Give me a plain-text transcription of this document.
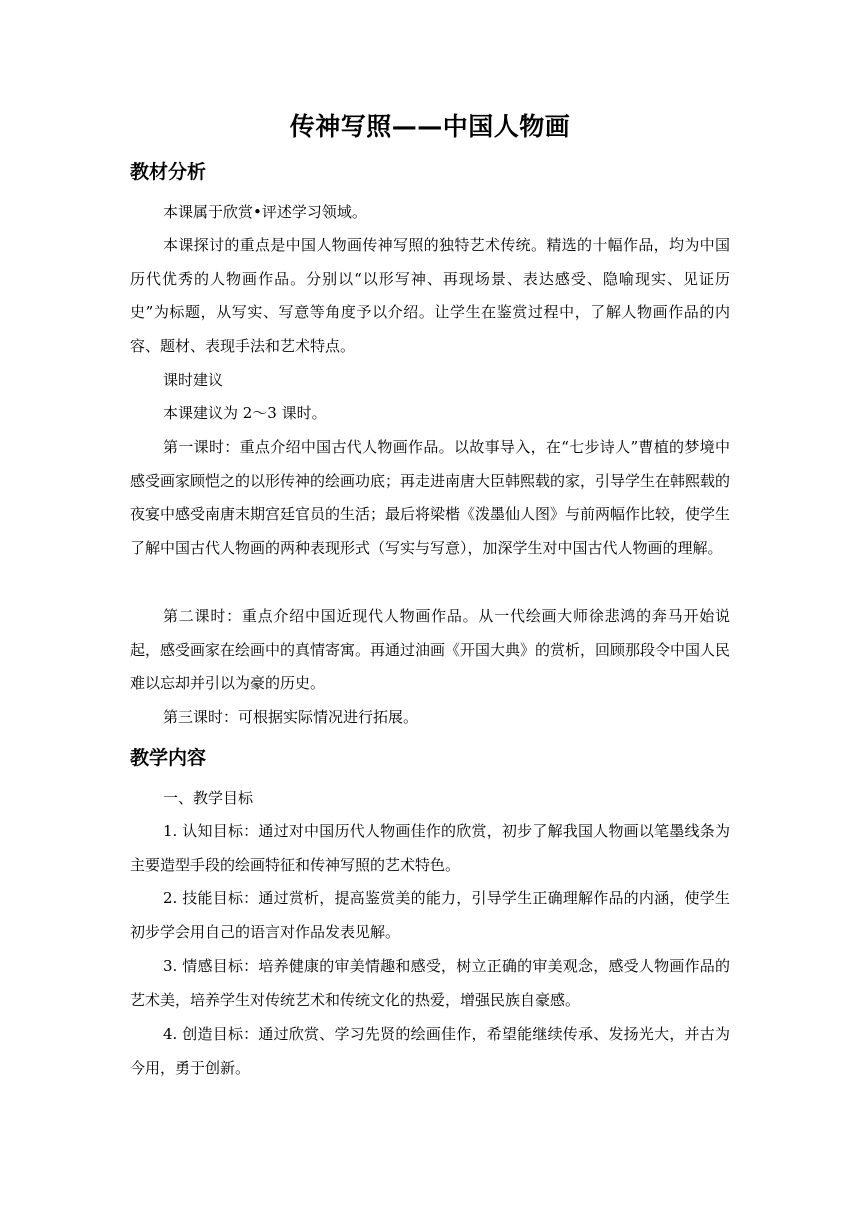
传神写照——中国人物画
教材分析

本课属于欣赏•评述学习领域。

本课探讨的重点是中国人物画传神写照的独特艺术传统。精选的十幅作品，均为中国历代优秀的人物画作品。分别以“以形写神、再现场景、表达感受、隐喻现实、见证历史”为标题，从写实、写意等角度予以介绍。让学生在鉴赏过程中，了解人物画作品的内容、题材、表现手法和艺术特点。

课时建议

本课建议为 2～3 课时。

第一课时：重点介绍中国古代人物画作品。以故事导入，在“七步诗人”曹植的梦境中感受画家顾恺之的以形传神的绘画功底；再走进南唐大臣韩熙载的家，引导学生在韩熙载的夜宴中感受南唐末期宫廷官员的生活；最后将梁楷《泼墨仙人图》与前两幅作比较，使学生了解中国古代人物画的两种表现形式（写实与写意），加深学生对中国古代人物画的理解。

第二课时：重点介绍中国近现代人物画作品。从一代绘画大师徐悲鸿的奔马开始说起，感受画家在绘画中的真情寄寓。再通过油画《开国大典》的赏析，回顾那段令中国人民难以忘却并引以为豪的历史。

第三课时：可根据实际情况进行拓展。

教学内容

一、教学目标

1. 认知目标：通过对中国历代人物画佳作的欣赏，初步了解我国人物画以笔墨线条为主要造型手段的绘画特征和传神写照的艺术特色。

2. 技能目标：通过赏析，提高鉴赏美的能力，引导学生正确理解作品的内涵，使学生初步学会用自己的语言对作品发表见解。

3. 情感目标：培养健康的审美情趣和感受，树立正确的审美观念，感受人物画作品的艺术美，培养学生对传统艺术和传统文化的热爱，增强民族自豪感。

4. 创造目标：通过欣赏、学习先贤的绘画佳作，希望能继续传承、发扬光大，并古为今用，勇于创新。
